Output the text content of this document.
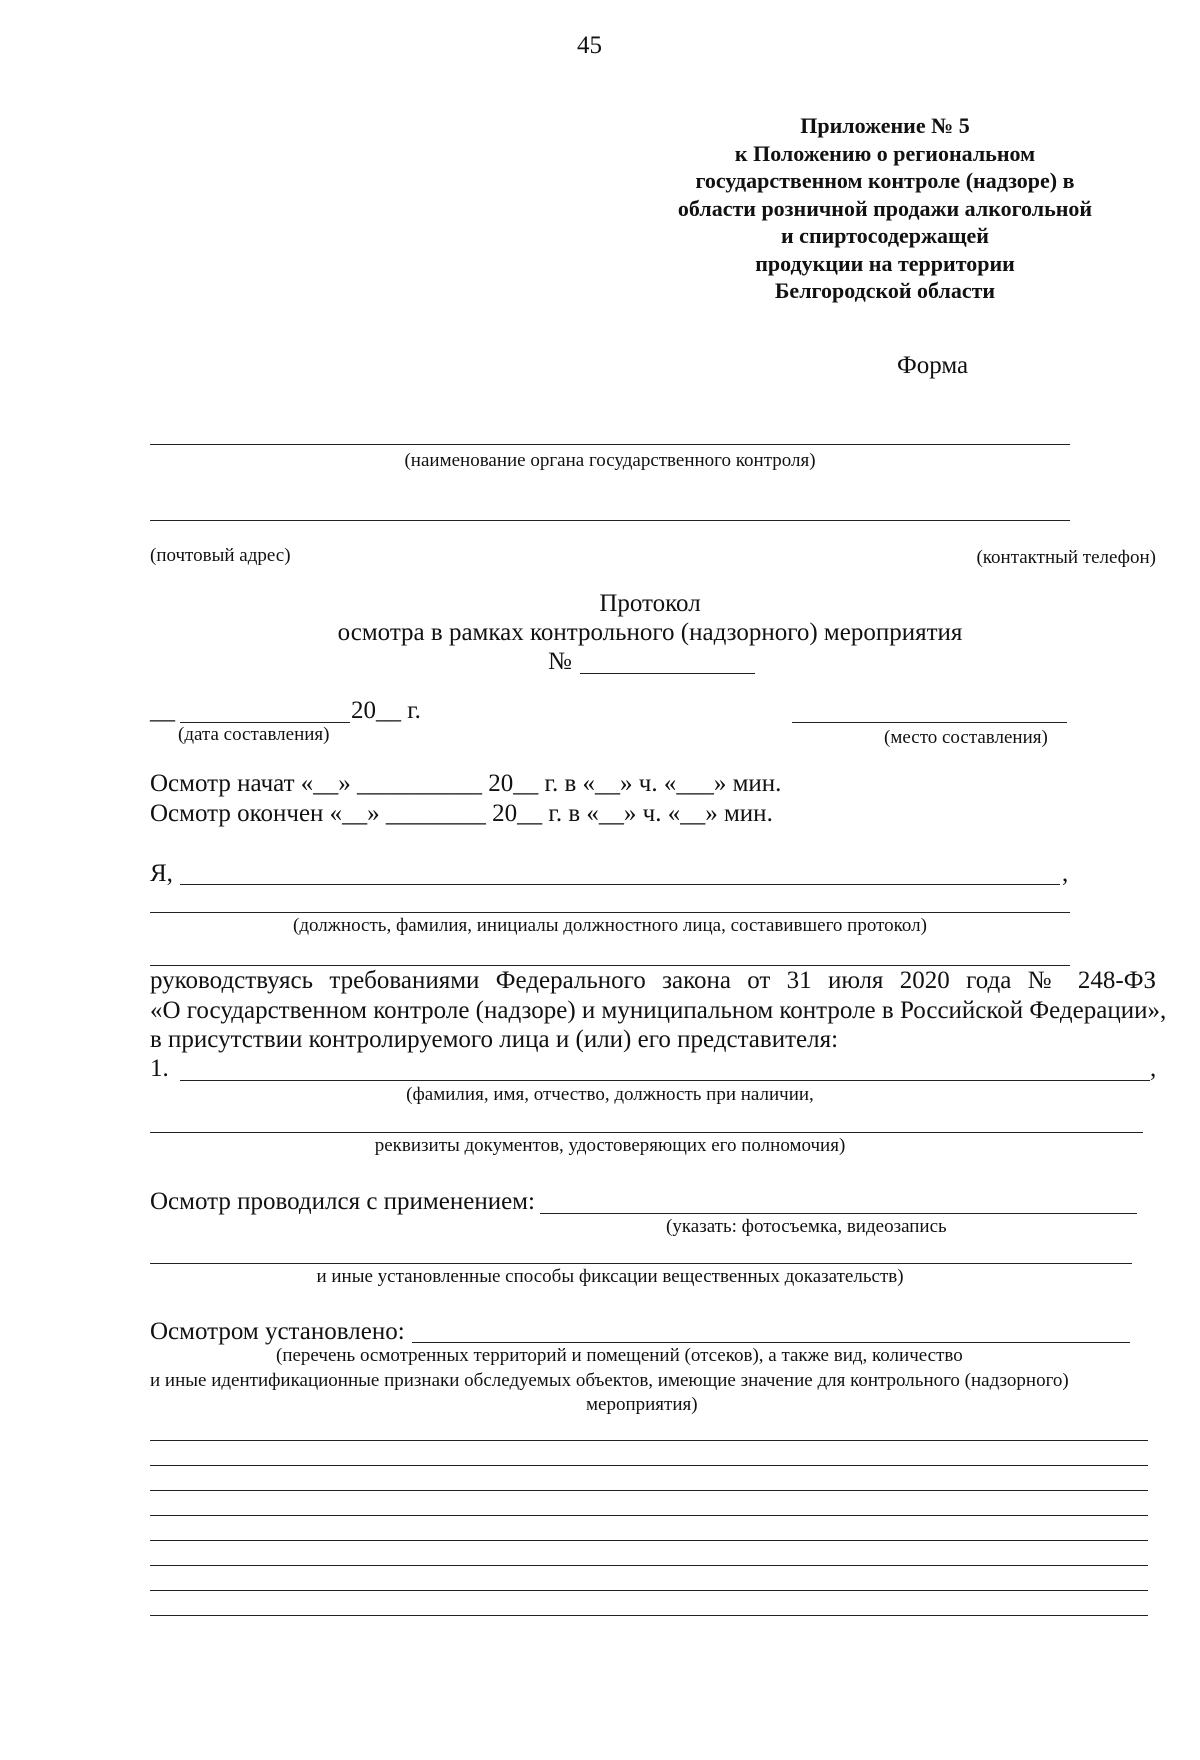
45
Приложение № 5
к Положению о региональном
государственном контроле (надзоре) в
области розничной продажи алкогольной
и спиртосодержащей
продукции на территории
Белгородской области
Форма
(наименование органа государственного контроля)
(почтовый адрес)	(контактный телефон)
Протокол
осмотра в рамках контрольного (надзорного) мероприятия
№
__	20__ г.
(дата составления)	(место составления)
Осмотр начат «__» __________ 20__ г. в «__» ч. «___» мин.
Осмотр окончен «__» ________ 20__ г. в «__» ч. «__» мин.
Я,	,
(должность, фамилия, инициалы должностного лица, составившего протокол)
руководствуясь требованиями Федерального закона от 31 июля 2020 года № 248-ФЗ
«О государственном контроле (надзоре) и муниципальном контроле в Российской Федерации»,
в присутствии контролируемого лица и (или) его представителя:
1.	,
(фамилия, имя, отчество, должность при наличии,
реквизиты документов, удостоверяющих его полномочия)
Осмотр проводился с применением:
(указать: фотосъемка, видеозапись
и иные установленные способы фиксации вещественных доказательств)
Осмотром установлено:
(перечень осмотренных территорий и помещений (отсеков), а также вид, количество
и иные идентификационные признаки обследуемых объектов, имеющие значение для контрольного (надзорного)
мероприятия)
